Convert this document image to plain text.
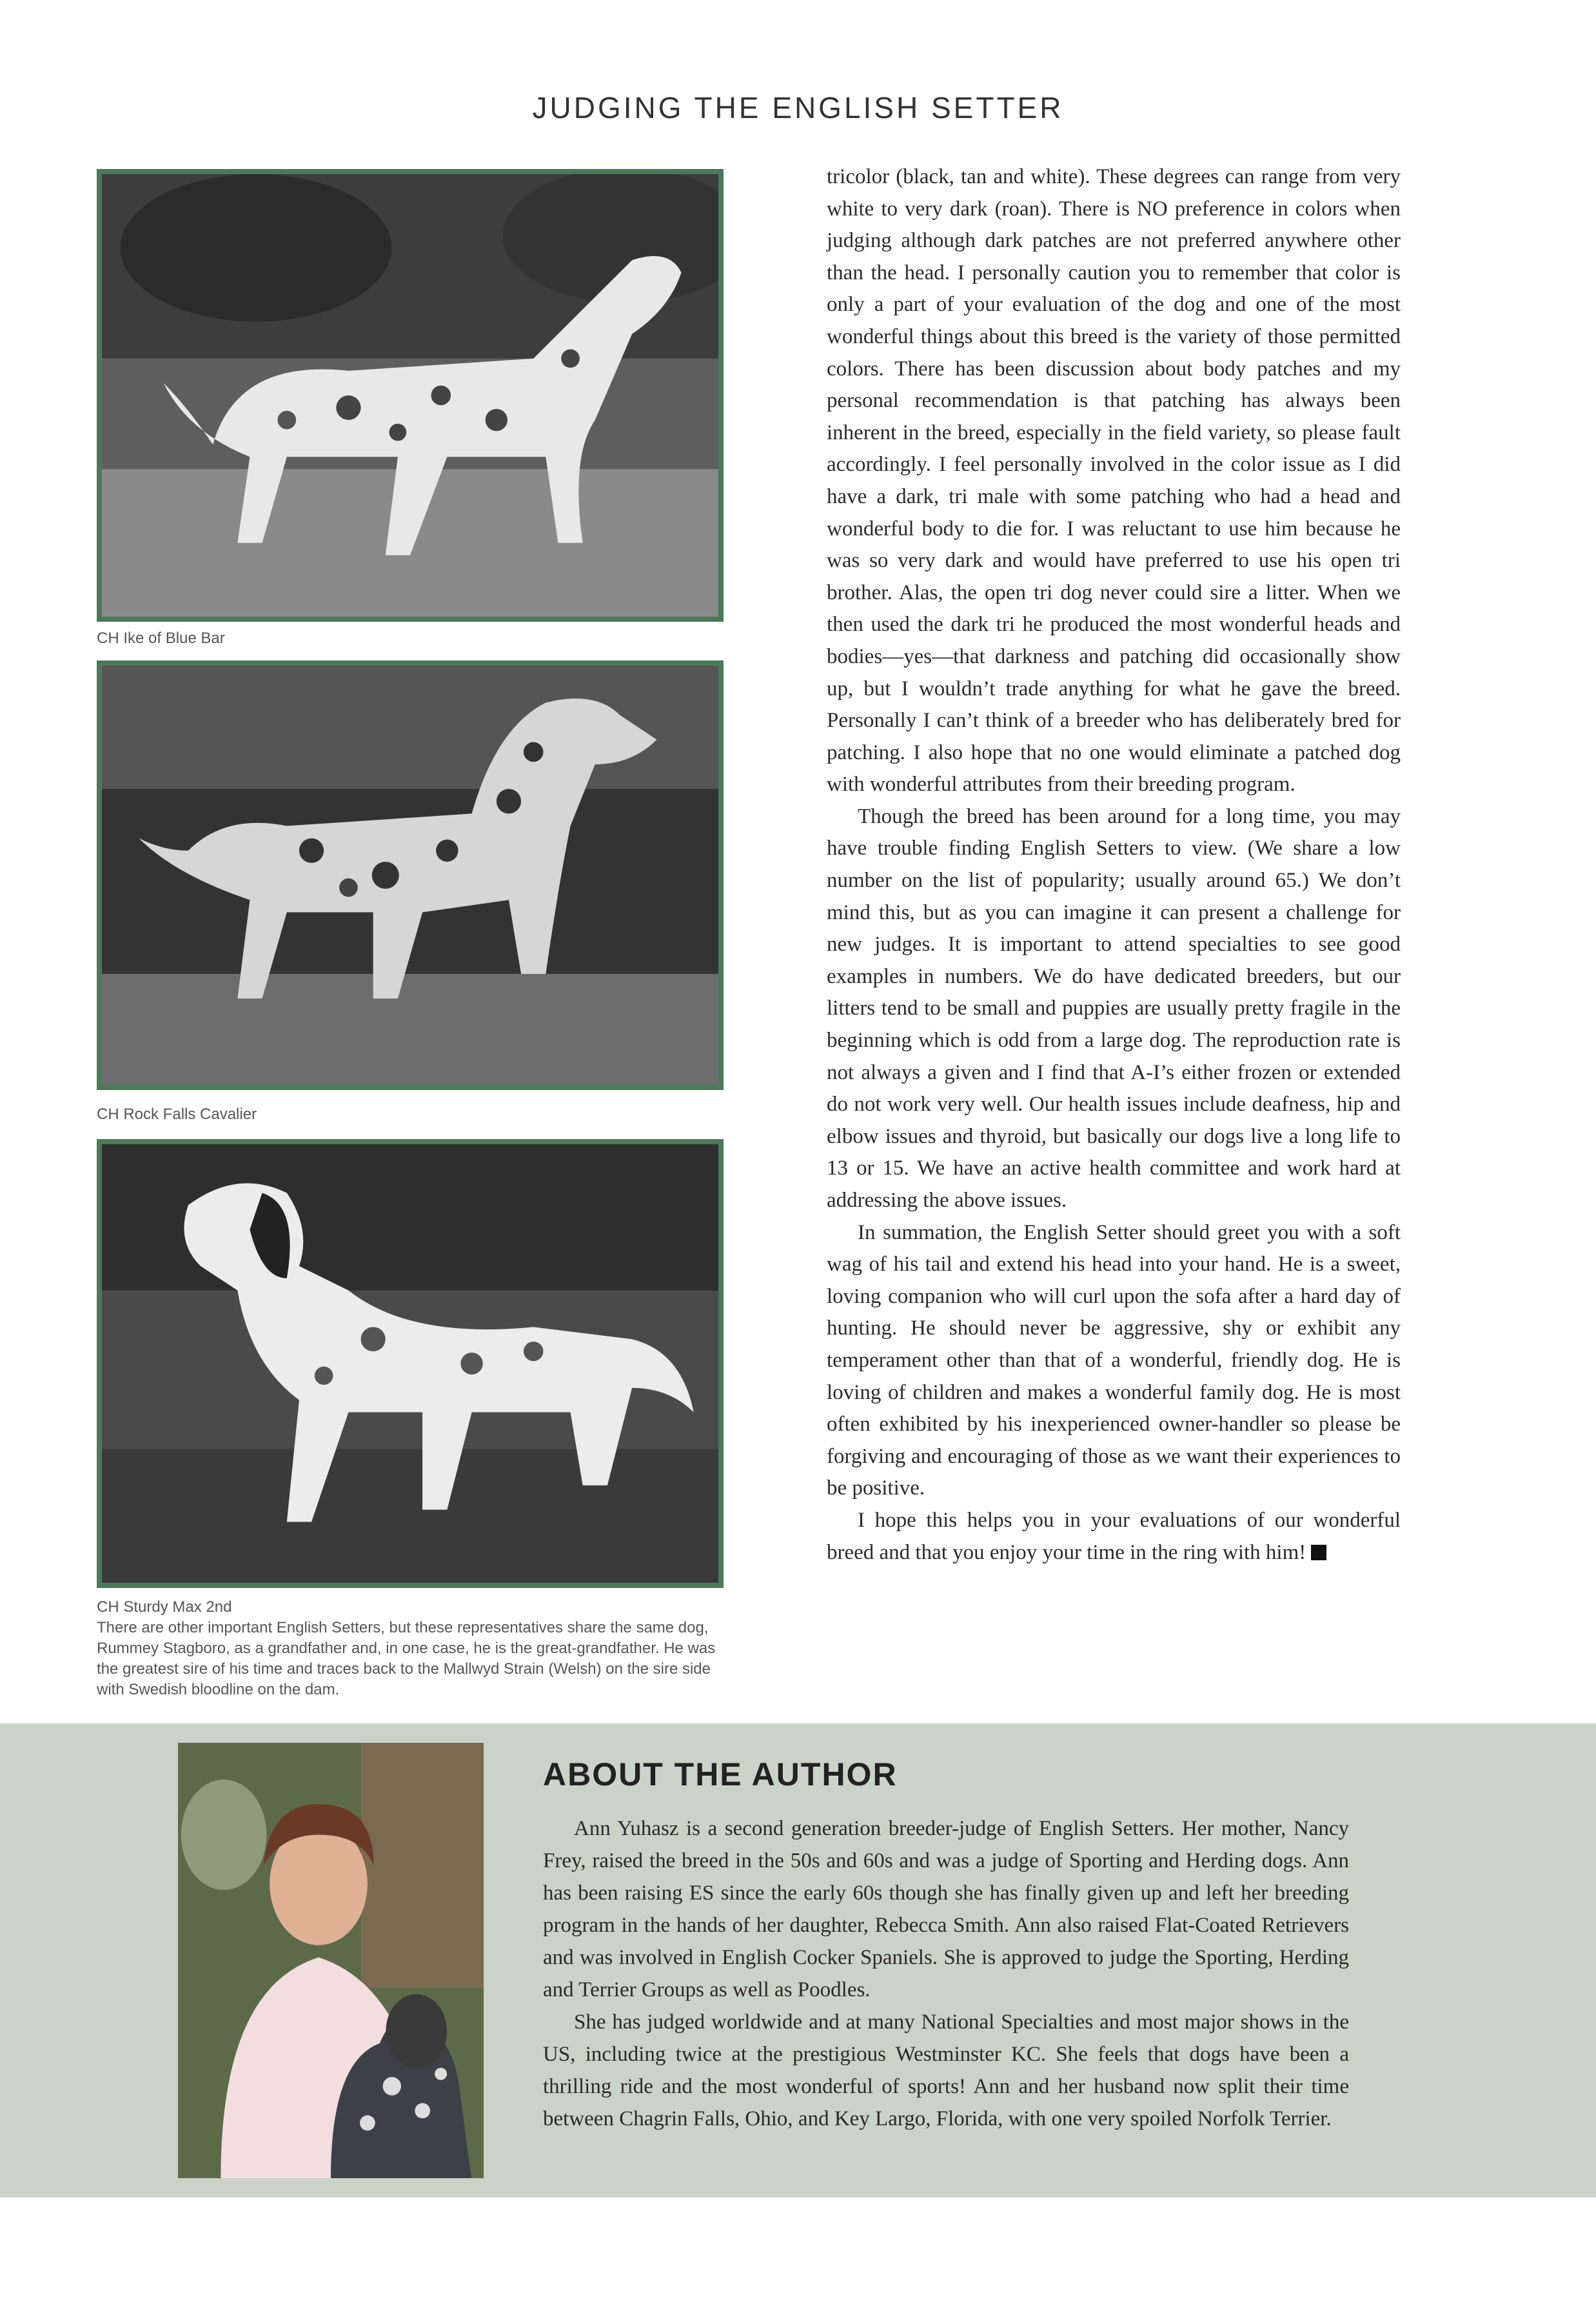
JUDGING THE ENGLISH SETTER
CH Ike of Blue Bar
CH Rock Falls Cavalier
CH Sturdy Max 2nd
There are other important English Setters, but these representatives share the same dog, Rummey Stagboro, as a grandfather and, in one case, he is the great-grandfather. He was the greatest sire of his time and traces back to the Mallwyd Strain (Welsh) on the sire side with Swedish bloodline on the dam.

tricolor (black, tan and white). These degrees can range from very white to very dark (roan). There is NO preference in colors when judging although dark patches are not preferred anywhere other than the head. I personally caution you to remember that color is only a part of your evaluation of the dog and one of the most wonderful things about this breed is the variety of those permitted colors. There has been discussion about body patches and my personal recommendation is that patching has always been inherent in the breed, especially in the field variety, so please fault accordingly. I feel personally involved in the color issue as I did have a dark, tri male with some patching who had a head and wonderful body to die for. I was reluctant to use him because he was so very dark and would have preferred to use his open tri brother. Alas, the open tri dog never could sire a litter. When we then used the dark tri he produced the most wonderful heads and bodies—yes—that darkness and patching did occasionally show up, but I wouldn’t trade anything for what he gave the breed. Personally I can’t think of a breeder who has deliberately bred for patching. I also hope that no one would eliminate a patched dog with wonderful attributes from their breeding program.

Though the breed has been around for a long time, you may have trouble finding English Setters to view. (We share a low number on the list of popularity; usually around 65.) We don’t mind this, but as you can imagine it can present a challenge for new judges. It is important to attend specialties to see good examples in numbers. We do have dedicated breeders, but our litters tend to be small and puppies are usually pretty fragile in the beginning which is odd from a large dog. The reproduction rate is not always a given and I find that A-I’s either frozen or extended do not work very well. Our health issues include deafness, hip and elbow issues and thyroid, but basically our dogs live a long life to 13 or 15. We have an active health committee and work hard at addressing the above issues.

In summation, the English Setter should greet you with a soft wag of his tail and extend his head into your hand. He is a sweet, loving companion who will curl upon the sofa after a hard day of hunting. He should never be aggressive, shy or exhibit any temperament other than that of a wonderful, friendly dog. He is loving of children and makes a wonderful family dog. He is most often exhibited by his inexperienced owner-handler so please be forgiving and encouraging of those as we want their experiences to be positive.

I hope this helps you in your evaluations of our wonderful breed and that you enjoy your time in the ring with him!

ABOUT THE AUTHOR

Ann Yuhasz is a second generation breeder-judge of English Setters. Her mother, Nancy Frey, raised the breed in the 50s and 60s and was a judge of Sporting and Herding dogs. Ann has been raising ES since the early 60s though she has finally given up and left her breeding program in the hands of her daughter, Rebecca Smith. Ann also raised Flat-Coated Retrievers and was involved in English Cocker Spaniels. She is approved to judge the Sporting, Herding and Terrier Groups as well as Poodles.

She has judged worldwide and at many National Specialties and most major shows in the US, including twice at the prestigious Westminster KC. She feels that dogs have been a thrilling ride and the most wonderful of sports! Ann and her husband now split their time between Chagrin Falls, Ohio, and Key Largo, Florida, with one very spoiled Norfolk Terrier.
